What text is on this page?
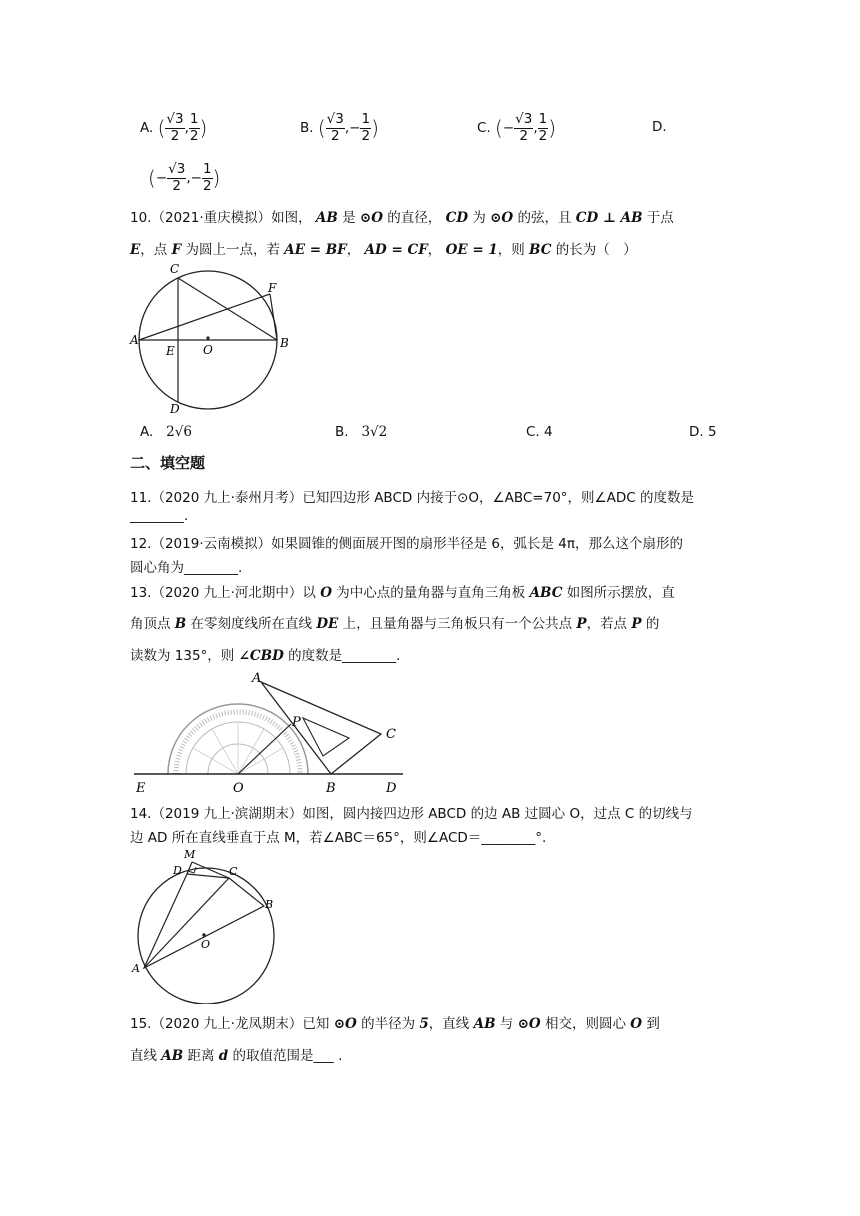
A. ( $\frac{√3}{2}$ , $\frac{1}{2}$ )	B. ( $\frac{√3}{2}$ ,− $\frac{1}{2}$ )	C. (− $\frac{√3}{2}$ , $\frac{1}{2}$ )	D.
(− $\frac{√3}{2}$ ,− $\frac{1}{2}$ )
10.（2021·重庆模拟）如图， AB 是 ⊙O 的直径， CD 为 ⊙O 的弦，且 CD ⊥ AB 于点
E，点 F 为圆上一点，若 AE = BF， AD = CF， OE = 1，则 BC 的长为（　）
A	B
C
D
E
F
O
A. 2√6	B. 3√2	C. 4	D. 5
二、填空题
11.（2020 九上·泰州月考）已知四边形 ABCD 内接于⊙O，∠ABC=70°，则∠ADC 的度数是
________.
12.（2019·云南模拟）如果圆锥的侧面展开图的扇形半径是 6，弧长是 4π，那么这个扇形的
圆心角为________.
13.（2020 九上·河北期中）以 O 为中心点的量角器与直角三角板 ABC 如图所示摆放，直
角顶点 B 在零刻度线所在直线 DE 上，且量角器与三角板只有一个公共点 P，若点 P 的
读数为 135°，则 ∠CBD 的度数是________.
A
B
C
D
E	O
P
14.（2019 九上·滨湖期末）如图，圆内接四边形 ABCD 的边 AB 过圆心 O，过点 C 的切线与
边 AD 所在直线垂直于点 M，若∠ABC＝65°，则∠ACD＝________°.
A
B
C
D
M
O
15.（2020 九上·龙凤期末）已知 ⊙O 的半径为 5，直线 AB 与 ⊙O 相交，则圆心 O 到
直线 AB 距离 d 的取值范围是___ .
